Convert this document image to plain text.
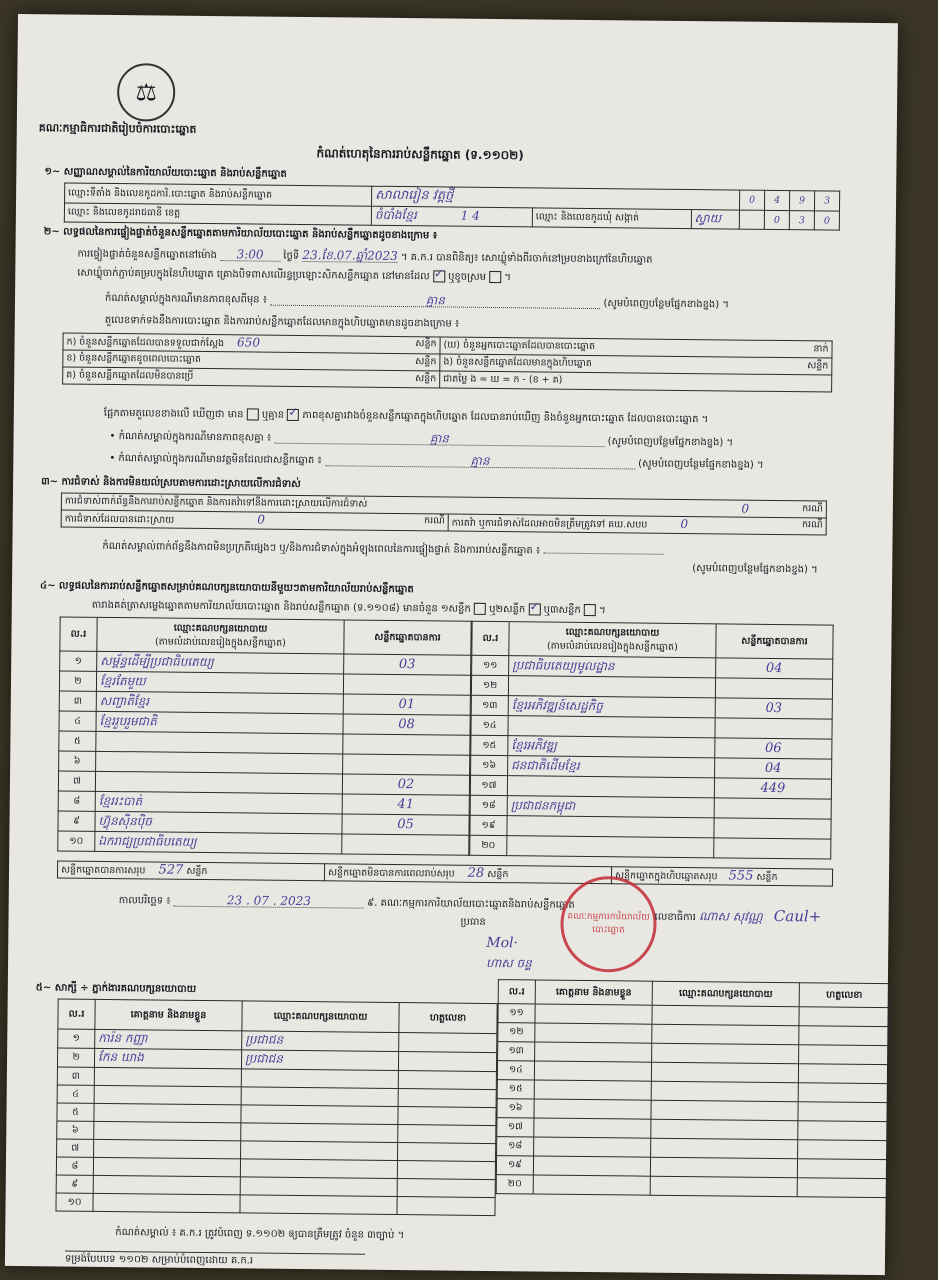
⚖
គណៈកម្មាធិការជាតិរៀបចំការបោះឆ្នោត
កំណត់ហេតុនៃការរាប់សន្លឹកឆ្នោត (ទ.១១០២)
១~ សញ្ញាណសម្គាល់នៃការិយាល័យបោះឆ្នោត និងរាប់សន្លឹកឆ្នោត
ឈ្មោះទីតាំង និងលេខកូដការិ.បោះឆ្នោត និងរាប់សន្លឹកឆ្នោត	សាលារៀន វត្តថ្មី			0	4	9	3
ឈ្មោះ និងលេខកូដរាជធានី ខេត្ត	ចំបាំងខ្មែរ 1 4	ឈ្មោះ និងលេខកូដឃុំ សង្កាត់	ស្វាយ		0	3	0
២~ លទ្ធផលនៃការផ្ទៀងផ្ទាត់ចំនួនសន្លឹកឆ្នោតតាមការិយាល័យបោះឆ្នោត និងរាប់សន្លឹកឆ្នោតដូចខាងក្រោម ៖
ការផ្ទៀងផ្ទាត់ចំនួនសន្លឹកឆ្នោតនៅម៉ោង 3:00 ថ្ងៃទី 23.ខែ.07.ឆ្នាំ2023 ។ គ.ក.រ បានពិនិត្យ៖ សោឃ្លុំទាំងពីរចាក់នៅម្របខាងក្រៅនៃហិបឆ្នោត
សោឃ្លុំចាក់ភ្ជាប់គម្របក្នុងនៃហិបឆ្នោត គ្រោងបិទពាសលើរន្ធប្រឡោះសិកសន្លឹកឆ្នោត នៅមានដែល ✓ ឬខូចស្រម  ។
កំណត់សម្គាល់ក្នុងករណីមានភាពខុសពីមុន ៖	គ្មាន	(សូមបំពេញបន្ថែមផ្នែកខាងខ្នង) ។
តួលេខទាក់ទងនឹងការបោះឆ្នោត និងការរាប់សន្លឹកឆ្នោតដែលមានក្នុងហិបឆ្នោតមានដូចខាងក្រោម ៖
ក) ចំនួនសន្លឹកឆ្នោតដែលបានទទួលជាក់ស្តែង 650 សន្លឹក	(ឃ) ចំនួនអ្នកបោះឆ្នោតដែលបានបោះឆ្នោត នាក់

ខ) ចំនួនសន្លឹកឆ្នោតខូចពេលបោះឆ្នោត សន្លឹក	ង) ចំនួនសន្លឹកឆ្នោតដែលមានក្នុងហិបឆ្នោត សន្លឹក

គ) ចំនួនសន្លឹកឆ្នោតដែលមិនបានប្រើ សន្លឹក	ជាតម្លៃ ង = ឃ = ក - (ខ + គ)
ផ្អែកតាមតួលេខខាងលើ ឃើញថា មាន ឬគ្មាន ✓ ភាពខុសគ្នារវាងចំនួនសន្លឹកឆ្នោតក្នុងហិបឆ្នោត ដែលបានរាប់ឃើញ និងចំនួនអ្នកបោះឆ្នោត ដែលបានបោះឆ្នោត ។
• កំណត់សម្គាល់ក្នុងករណីមានភាពខុសគ្នា ៖	គ្មាន	(សូមបំពេញបន្ថែមផ្នែកខាងខ្នង) ។
• កំណត់សម្គាល់ក្នុងករណីមានវត្តមិនដែលជាសន្លឹកឆ្នោត ៖	គ្មាន	(សូមបំពេញបន្ថែមផ្នែកខាងខ្នង) ។
៣~ ការជំទាស់ និងការមិនយល់ស្របតាមការដោះស្រាយលើការជំទាស់
ការជំទាស់ពាក់ព័ន្ធនឹងការរាប់សន្លឹកឆ្នោត និងការតវ៉ាទៅនឹងការដោះស្រាយលើការជំទាស់	0	ករណី

ការជំទាស់ដែលបានដោះស្រាយ	0	ករណី	ការតវ៉ា ឬការជំទាស់ដែលអាចមិនត្រឹមត្រូវទៅ គឃ.សបប	0	ករណី
កំណត់សម្គាល់ពាក់ព័ន្ធនឹងភាពមិនប្រក្រតីផ្សេងៗ ឬ/និងការជំទាស់ក្នុងអំឡុងពេលនៃការផ្ទៀងផ្ទាត់ និងការរាប់សន្លឹកឆ្នោត ៖
(សូមបំពេញបន្ថែមផ្នែកខាងខ្នង) ។
៤~ លទ្ធផលនៃការរាប់សន្លឹកឆ្នោតសម្រាប់គណបក្សនយោបាយនីមួយៗតាមការិយាល័យរាប់សន្លឹកឆ្នោត
តារាងគត់ត្រាសម្លេងឆ្នោតតាមការិយាល័យបោះឆ្នោត និងរាប់សន្លឹកឆ្នោត (ទ.១១០៨) មានចំនួន ១សន្លឹក ឬ២សន្លឹក ✓ ឬ៣សន្លឹក  ។
ល.រ	ឈ្មោះគណបក្សនយោបាយ
(តាមលំដាប់លេខរៀងក្នុងសន្លឹកឆ្នោត)	សន្លឹកឆ្នោតបានការ
១	សម្ព័ន្ធដើម្បីប្រជាធិបតេយ្យ	03
២	ខ្មែរតែមួយ	
៣	សញ្ជាតិខ្មែរ	01
៤	ខ្មែររួបរួមជាតិ	08
៥		
៦		
៧		02
៨	ខ្មែររះបាត់	41
៩	ហ៊្វុនស៊ិនប៉ិច	05
១០	ឯករាជ្យប្រជាធិបតេយ្យ	
ល.រ	ឈ្មោះគណបក្សនយោបាយ
(តាមលំដាប់លេខរៀងក្នុងសន្លឹកឆ្នោត)	សន្លឹកឆ្នោតបានការ
១១	ប្រជាធិបតេយ្យមូលដ្ឋាន	04
១២		
១៣	ខ្មែរអភិវឌ្ឍន៍សេដ្ឋកិច្ច	03
១៤		
១៥	ខ្មែរអភិវឌ្ឍ	06
១៦	ជនជាតិដើមខ្មែរ	04
១៧		449
១៨	ប្រជាជនកម្ពុជា	
១៩		
២០		
សន្លឹកឆ្នោតបានការសរុប 527 សន្លឹក	សន្លឹកឆ្នោតមិនបានការពេលរាប់សរុប 28 សន្លឹក	សន្លឹកឆ្នោតក្នុងហិបឆ្នោតសរុប 555 សន្លឹក
កាលបរិច្ឆេទ ៖	23 . 07 . 2023	៩. គណៈកម្មការការិយាល័យបោះឆ្នោតនិងរាប់សន្លឹកឆ្នោត
ប្រធាន
Mol·
ហាស ចន្ទ
គណៈកម្មការការិយាល័យបោះឆ្នោត
លេខាធិការ ណាស សុវណ្ណ Caul+
៥~ សាក្សី ÷ ភ្នាក់ងារគណបក្សនយោបាយ
ល.រ	គោត្តនាម និងនាមខ្លួន	ឈ្មោះគណបក្សនយោបាយ	ហត្ថលេខា
១	ការ៉ន កញ្ញា	ប្រជាជន	
២	កែន ឃាង	ប្រជាជន	
៣			
៤			
៥			
៦			
៧			
៨			
៩			
១០			
ល.រ	គោត្តនាម និងនាមខ្លួន	ឈ្មោះគណបក្សនយោបាយ	ហត្ថលេខា
១១			
១២			
១៣			
១៤			
១៥			
១៦			
១៧			
១៨			
១៩			
២០			
កំណត់សម្គាល់ ៖ គ.ក.រ ត្រូវបំពេញ ទ.១១០២ ឲ្យបានត្រឹមត្រូវ ចំនួន ៣ច្បាប់ ។
ទម្រង់បែបបទ ១១០២ សម្រាប់បំពេញដោយ គ.ក.រ
